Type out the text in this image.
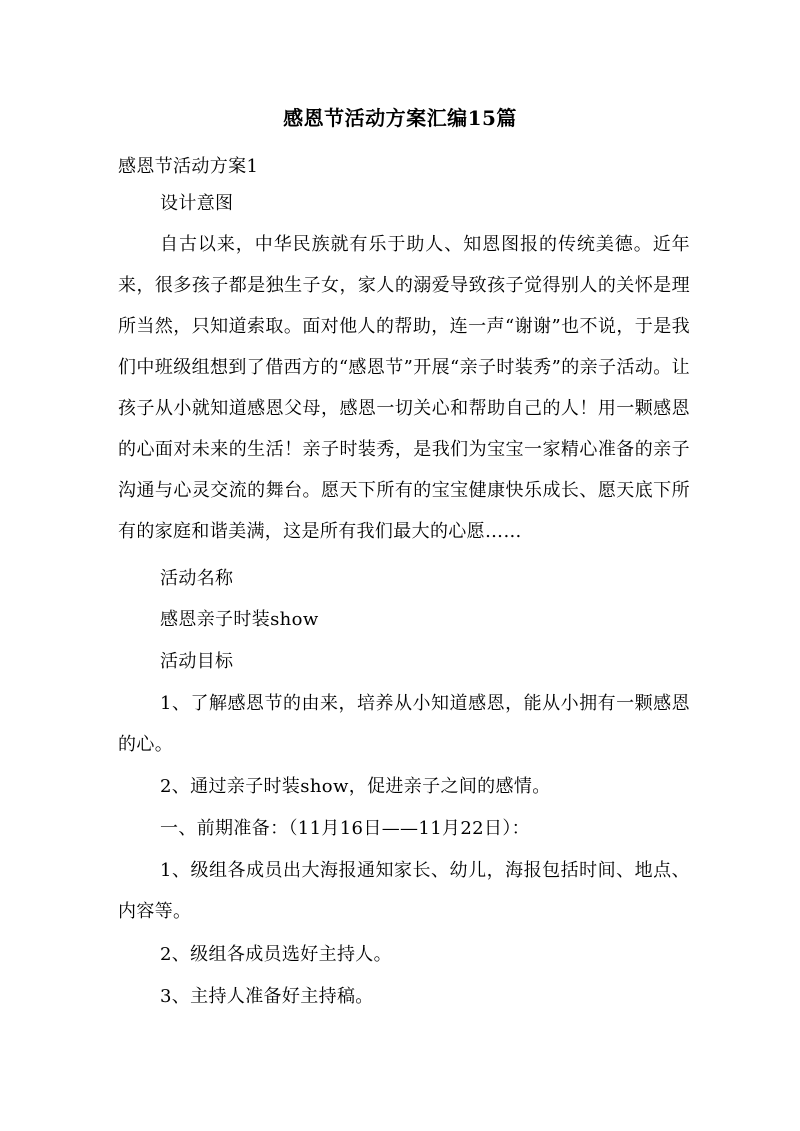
感恩节活动方案汇编15篇
感恩节活动方案1
设计意图
自古以来，中华民族就有乐于助人、知恩图报的传统美德。近年来，很多孩子都是独生子女，家人的溺爱导致孩子觉得别人的关怀是理所当然，只知道索取。面对他人的帮助，连一声“谢谢”也不说，于是我们中班级组想到了借西方的“感恩节”开展“亲子时装秀”的亲子活动。让孩子从小就知道感恩父母，感恩一切关心和帮助自己的人！用一颗感恩的心面对未来的生活！亲子时装秀，是我们为宝宝一家精心准备的亲子沟通与心灵交流的舞台。愿天下所有的宝宝健康快乐成长、愿天底下所有的家庭和谐美满，这是所有我们最大的心愿……
活动名称
感恩亲子时装show
活动目标
1、了解感恩节的由来，培养从小知道感恩，能从小拥有一颗感恩的心。
2、通过亲子时装show，促进亲子之间的感情。
一、前期准备：（11月16日——11月22日）：
1、级组各成员出大海报通知家长、幼儿，海报包括时间、地点、内容等。
2、级组各成员选好主持人。
3、主持人准备好主持稿。
